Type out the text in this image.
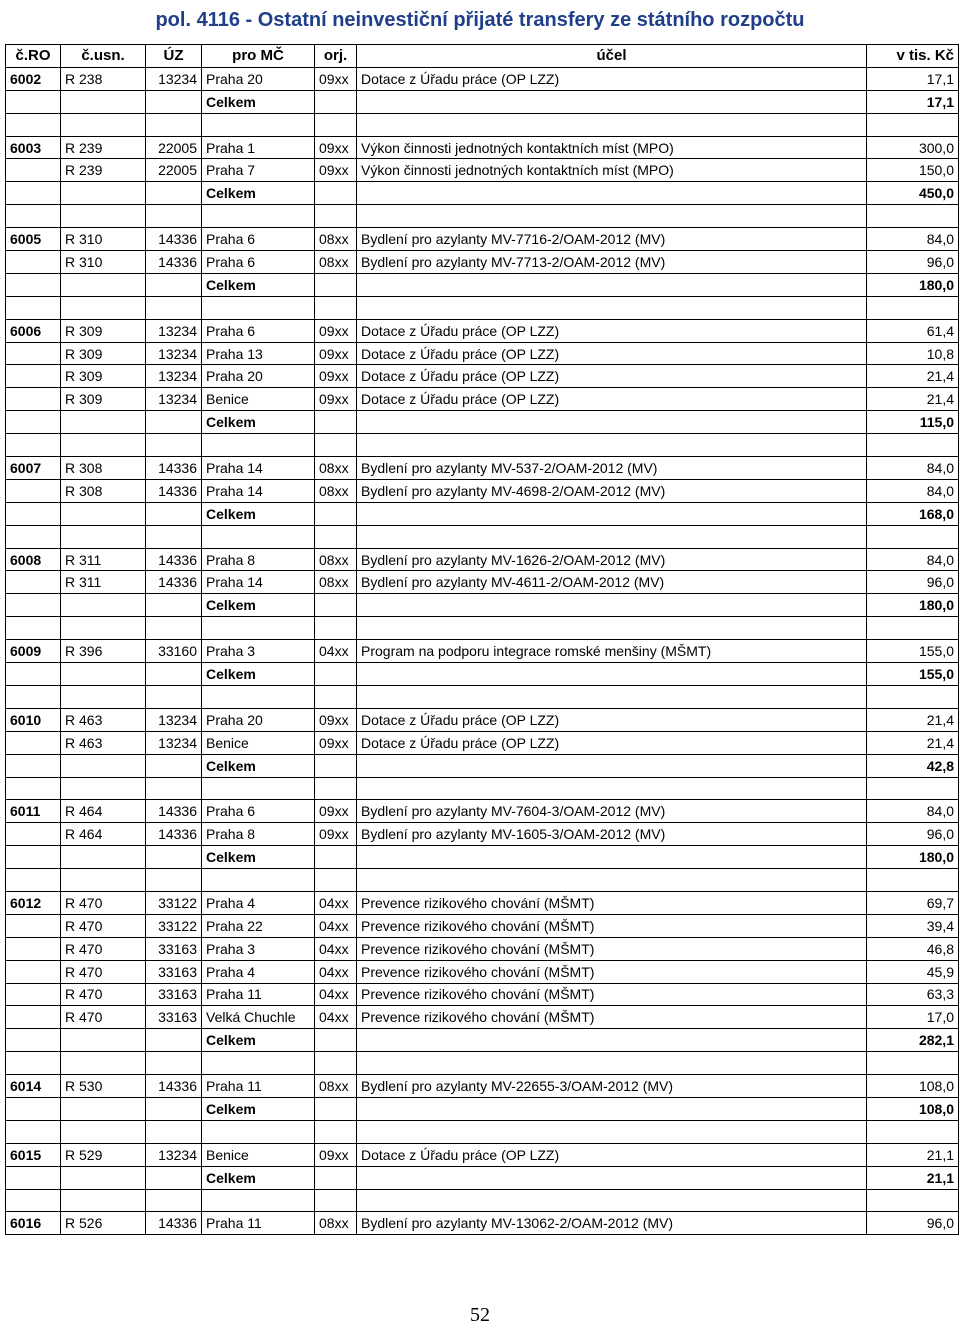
pol. 4116 - Ostatní neinvestiční přijaté transfery ze státního rozpočtu
č.RO	č.usn.	ÚZ	pro MČ	orj.	účel	v tis. Kč
6002	R 238	13234	Praha 20	09xx	Dotace z Úřadu práce (OP LZZ)	17,1
			Celkem			17,1

6003	R 239	22005	Praha 1	09xx	Výkon činnosti jednotných kontaktních míst (MPO)	300,0
	R 239	22005	Praha 7	09xx	Výkon činnosti jednotných kontaktních míst (MPO)	150,0
			Celkem			450,0

6005	R 310	14336	Praha 6	08xx	Bydlení pro azylanty MV-7716-2/OAM-2012 (MV)	84,0
	R 310	14336	Praha 6	08xx	Bydlení pro azylanty MV-7713-2/OAM-2012 (MV)	96,0
			Celkem			180,0

6006	R 309	13234	Praha 6	09xx	Dotace z Úřadu práce (OP LZZ)	61,4
	R 309	13234	Praha 13	09xx	Dotace z Úřadu práce (OP LZZ)	10,8
	R 309	13234	Praha 20	09xx	Dotace z Úřadu práce (OP LZZ)	21,4
	R 309	13234	Benice	09xx	Dotace z Úřadu práce (OP LZZ)	21,4
			Celkem			115,0

6007	R 308	14336	Praha 14	08xx	Bydlení pro azylanty MV-537-2/OAM-2012 (MV)	84,0
	R 308	14336	Praha 14	08xx	Bydlení pro azylanty MV-4698-2/OAM-2012 (MV)	84,0
			Celkem			168,0

6008	R 311	14336	Praha 8	08xx	Bydlení pro azylanty MV-1626-2/OAM-2012 (MV)	84,0
	R 311	14336	Praha 14	08xx	Bydlení pro azylanty MV-4611-2/OAM-2012 (MV)	96,0
			Celkem			180,0

6009	R 396	33160	Praha 3	04xx	Program na podporu integrace romské menšiny (MŠMT)	155,0
			Celkem			155,0

6010	R 463	13234	Praha 20	09xx	Dotace z Úřadu práce (OP LZZ)	21,4
	R 463	13234	Benice	09xx	Dotace z Úřadu práce (OP LZZ)	21,4
			Celkem			42,8

6011	R 464	14336	Praha 6	09xx	Bydlení pro azylanty MV-7604-3/OAM-2012 (MV)	84,0
	R 464	14336	Praha 8	09xx	Bydlení pro azylanty MV-1605-3/OAM-2012 (MV)	96,0
			Celkem			180,0

6012	R 470	33122	Praha 4	04xx	Prevence rizikového chování (MŠMT)	69,7
	R 470	33122	Praha 22	04xx	Prevence rizikového chování (MŠMT)	39,4
	R 470	33163	Praha 3	04xx	Prevence rizikového chování (MŠMT)	46,8
	R 470	33163	Praha 4	04xx	Prevence rizikového chování (MŠMT)	45,9
	R 470	33163	Praha 11	04xx	Prevence rizikového chování (MŠMT)	63,3
	R 470	33163	Velká Chuchle	04xx	Prevence rizikového chování (MŠMT)	17,0
			Celkem			282,1

6014	R 530	14336	Praha 11	08xx	Bydlení pro azylanty MV-22655-3/OAM-2012 (MV)	108,0
			Celkem			108,0

6015	R 529	13234	Benice	09xx	Dotace z Úřadu práce (OP LZZ)	21,1
			Celkem			21,1

6016	R 526	14336	Praha 11	08xx	Bydlení pro azylanty MV-13062-2/OAM-2012 (MV)	96,0
52
